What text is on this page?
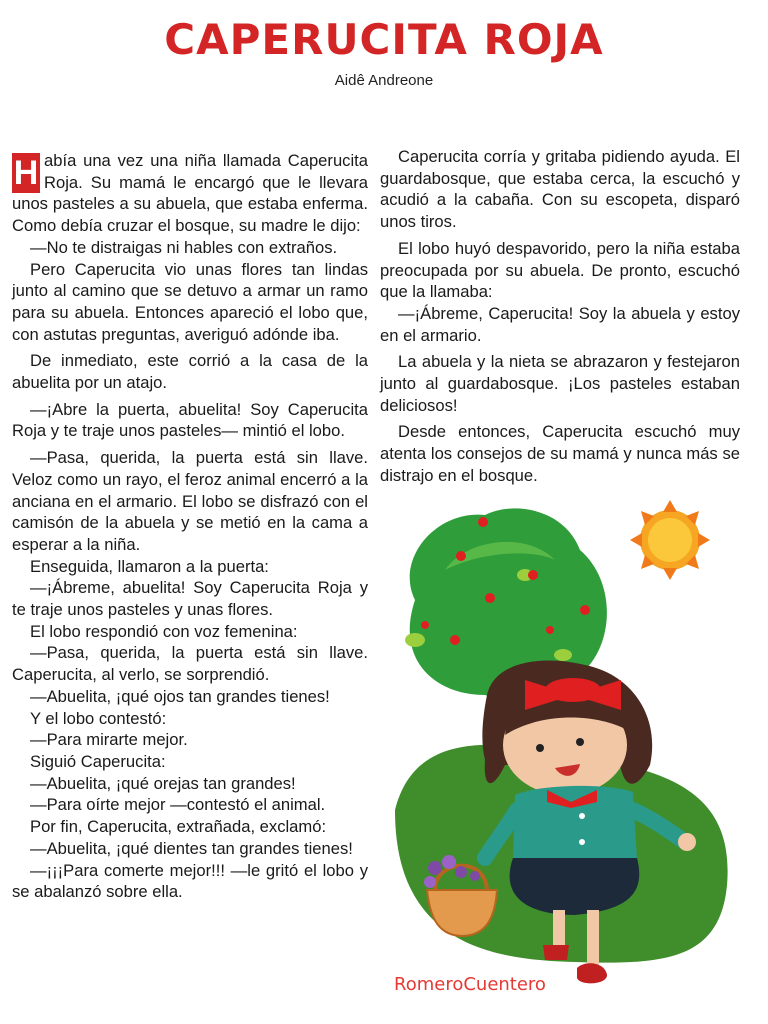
CAPERUCITA ROJA
Aidê Andreone

H abía una vez una niña llamada Caperucita Roja. Su mamá le encargó que le llevara unos pasteles a su abuela, que estaba enferma. Como debía cruzar el bosque, su madre le dijo:

—No te distraigas ni hables con extraños.

Pero Caperucita vio unas flores tan lindas junto al camino que se detuvo a armar un ramo para su abuela. Entonces apareció el lobo que, con astutas preguntas, averiguó adónde iba.

De inmediato, este corrió a la casa de la abuelita por un atajo.

—¡Abre la puerta, abuelita! Soy Caperucita Roja y te traje unos pasteles— mintió el lobo.

—Pasa, querida, la puerta está sin llave. Veloz como un rayo, el feroz animal encerró a la anciana en el armario. El lobo se disfrazó con el camisón de la abuela y se metió en la cama a esperar a la niña.

Enseguida, llamaron a la puerta:

—¡Ábreme, abuelita! Soy Caperucita Roja y te traje unos pasteles y unas flores.

El lobo respondió con voz femenina:

—Pasa, querida, la puerta está sin llave. Caperucita, al verlo, se sorprendió.

—Abuelita, ¡qué ojos tan grandes tienes!

Y el lobo contestó:

—Para mirarte mejor.

Siguió Caperucita:

—Abuelita, ¡qué orejas tan grandes!

—Para oírte mejor —contestó el animal.

Por fin, Caperucita, extrañada, exclamó:

—Abuelita, ¡qué dientes tan grandes tienes!

—¡¡¡Para comerte mejor!!! —le gritó el lobo y se abalanzó sobre ella.

Caperucita corría y gritaba pidiendo ayuda. El guardabosque, que estaba cerca, la escuchó y acudió a la cabaña. Con su escopeta, disparó unos tiros.

El lobo huyó despavorido, pero la niña estaba preocupada por su abuela. De pronto, escuchó que la llamaba:

—¡Ábreme, Caperucita! Soy la abuela y estoy en el armario.

La abuela y la nieta se abrazaron y festejaron junto al guardabosque. ¡Los pasteles estaban deliciosos!

Desde entonces, Caperucita escuchó muy atenta los consejos de su mamá y nunca más se distrajo en el bosque.

RomeroCuentero
